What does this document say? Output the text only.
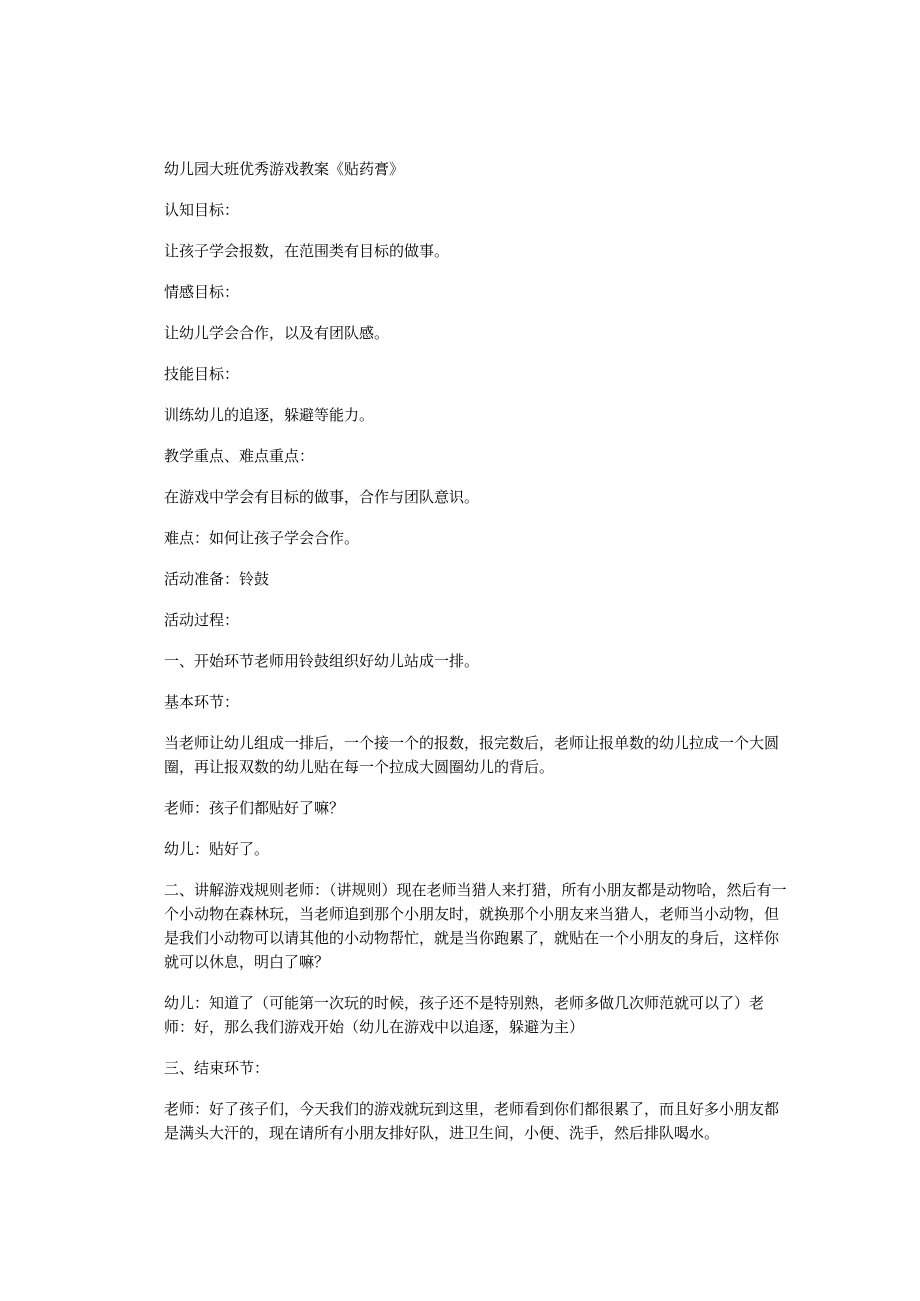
幼儿园大班优秀游戏教案《贴药膏》

认知目标：

让孩子学会报数，在范围类有目标的做事。

情感目标：

让幼儿学会合作，以及有团队感。

技能目标：

训练幼儿的追逐，躲避等能力。

教学重点、难点重点：

在游戏中学会有目标的做事，合作与团队意识。

难点：如何让孩子学会合作。

活动准备：铃鼓

活动过程：

一、开始环节老师用铃鼓组织好幼儿站成一排。

基本环节：

当老师让幼儿组成一排后，一个接一个的报数，报完数后，老师让报单数的幼儿拉成一个大圆圈，再让报双数的幼儿贴在每一个拉成大圆圈幼儿的背后。

老师：孩子们都贴好了嘛？

幼儿：贴好了。

二、讲解游戏规则老师：（讲规则）现在老师当猎人来打猎，所有小朋友都是动物哈，然后有一个小动物在森林玩，当老师追到那个小朋友时，就换那个小朋友来当猎人，老师当小动物，但是我们小动物可以请其他的小动物帮忙，就是当你跑累了，就贴在一个小朋友的身后，这样你就可以休息，明白了嘛？

幼儿：知道了（可能第一次玩的时候，孩子还不是特别熟，老师多做几次师范就可以了）老师：好，那么我们游戏开始（幼儿在游戏中以追逐，躲避为主）

三、结束环节：

老师：好了孩子们，今天我们的游戏就玩到这里，老师看到你们都很累了，而且好多小朋友都是满头大汗的，现在请所有小朋友排好队，进卫生间，小便、洗手，然后排队喝水。
